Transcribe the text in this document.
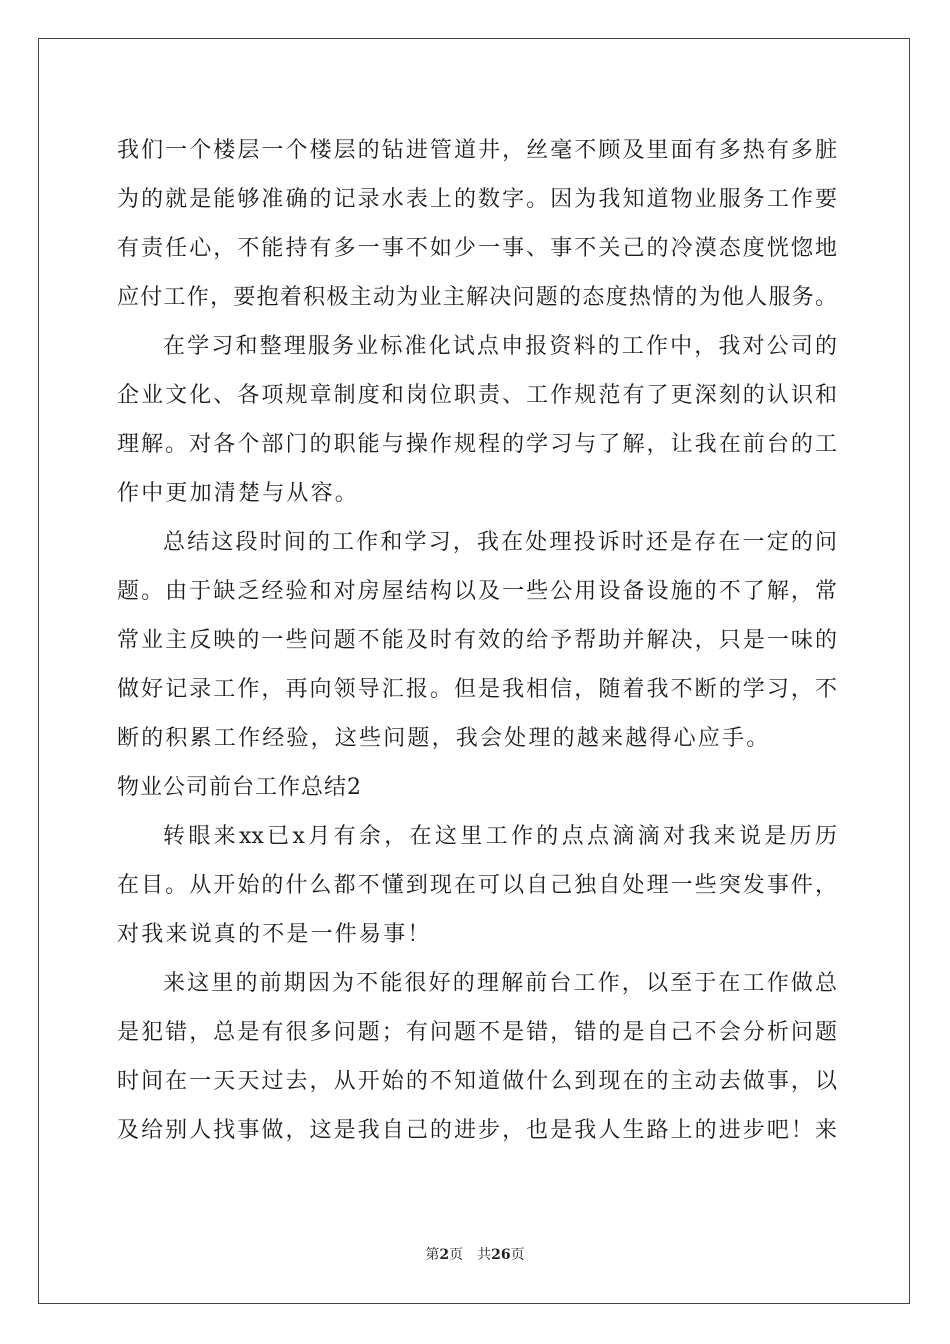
我们一个楼层一个楼层的钻进管道井，丝毫不顾及里面有多热有多脏
为的就是能够准确的记录水表上的数字。因为我知道物业服务工作要
有责任心，不能持有多一事不如少一事、事不关己的冷漠态度恍惚地
应付工作，要抱着积极主动为业主解决问题的态度热情的为他人服务。
在学习和整理服务业标准化试点申报资料的工作中，我对公司的
企业文化、各项规章制度和岗位职责、工作规范有了更深刻的认识和
理解。对各个部门的职能与操作规程的学习与了解，让我在前台的工
作中更加清楚与从容。
总结这段时间的工作和学习，我在处理投诉时还是存在一定的问
题。由于缺乏经验和对房屋结构以及一些公用设备设施的不了解，常
常业主反映的一些问题不能及时有效的给予帮助并解决，只是一味的
做好记录工作，再向领导汇报。但是我相信，随着我不断的学习，不
断的积累工作经验，这些问题，我会处理的越来越得心应手。
物业公司前台工作总结2
转眼来xx已x月有余，在这里工作的点点滴滴对我来说是历历
在目。从开始的什么都不懂到现在可以自己独自处理一些突发事件，
对我来说真的不是一件易事！
来这里的前期因为不能很好的理解前台工作，以至于在工作做总
是犯错，总是有很多问题；有问题不是错，错的是自己不会分析问题
时间在一天天过去，从开始的不知道做什么到现在的主动去做事，以
及给别人找事做，这是我自己的进步，也是我人生路上的进步吧！来
第2页 共26页
